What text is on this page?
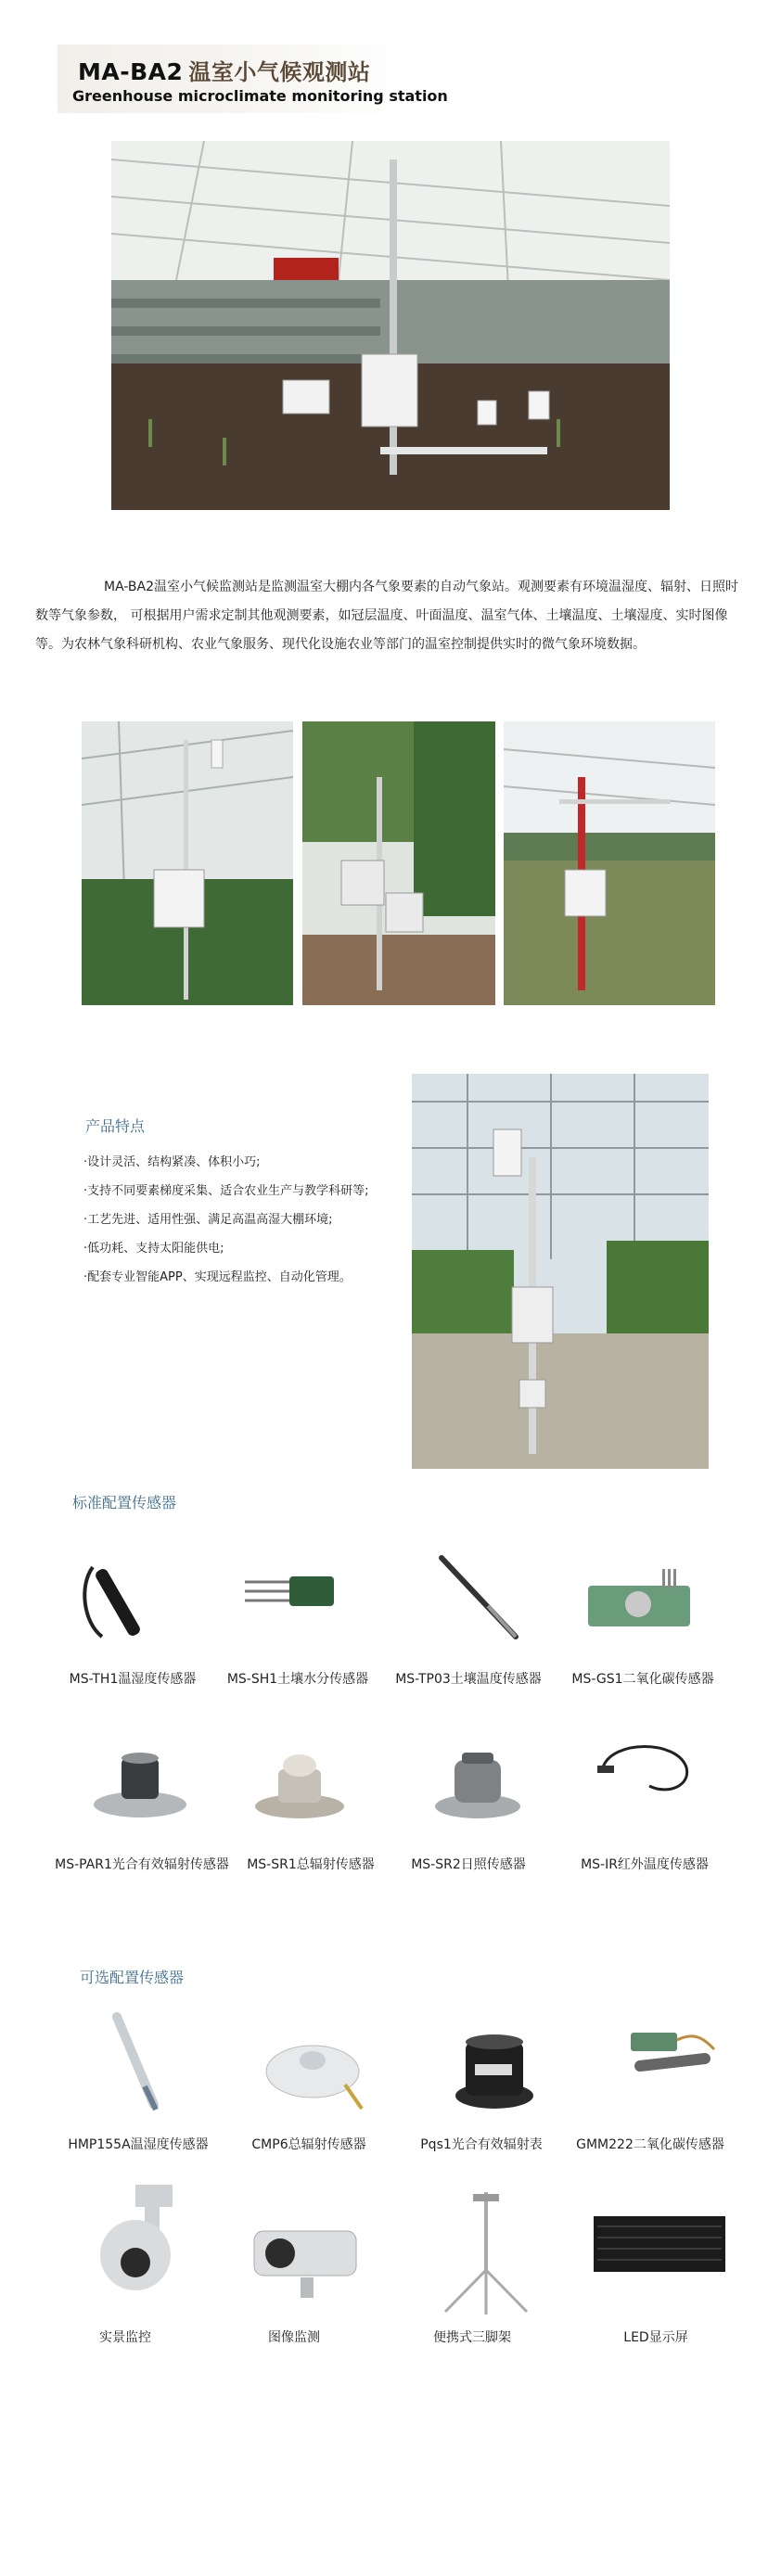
MA-BA2 温室小气候观测站
Greenhouse microclimate monitoring station

MA-BA2温室小气候监测站是监测温室大棚内各气象要素的自动气象站。观测要素有环境温湿度、辐射、日照时数等气象参数， 可根据用户需求定制其他观测要素，如冠层温度、叶面温度、温室气体、土壤温度、土壤湿度、实时图像等。为农林气象科研机构、农业气象服务、现代化设施农业等部门的温室控制提供实时的微气象环境数据。

产品特点
·设计灵活、结构紧凑、体积小巧;
·支持不同要素梯度采集、适合农业生产与教学科研等;
·工艺先进、适用性强、满足高温高湿大棚环境;
·低功耗、支持太阳能供电;
·配套专业智能APP、实现远程监控、自动化管理。
标准配置传感器
MS-TH1温湿度传感器	MS-SH1土壤水分传感器	MS-TP03土壤温度传感器	MS-GS1二氧化碳传感器
MS-PAR1光合有效辐射传感器	MS-SR1总辐射传感器	MS-SR2日照传感器	MS-IR红外温度传感器
可选配置传感器
HMP155A温湿度传感器	CMP6总辐射传感器	Pqs1光合有效辐射表	GMM222二氧化碳传感器
实景监控	图像监测	便携式三脚架	LED显示屏
